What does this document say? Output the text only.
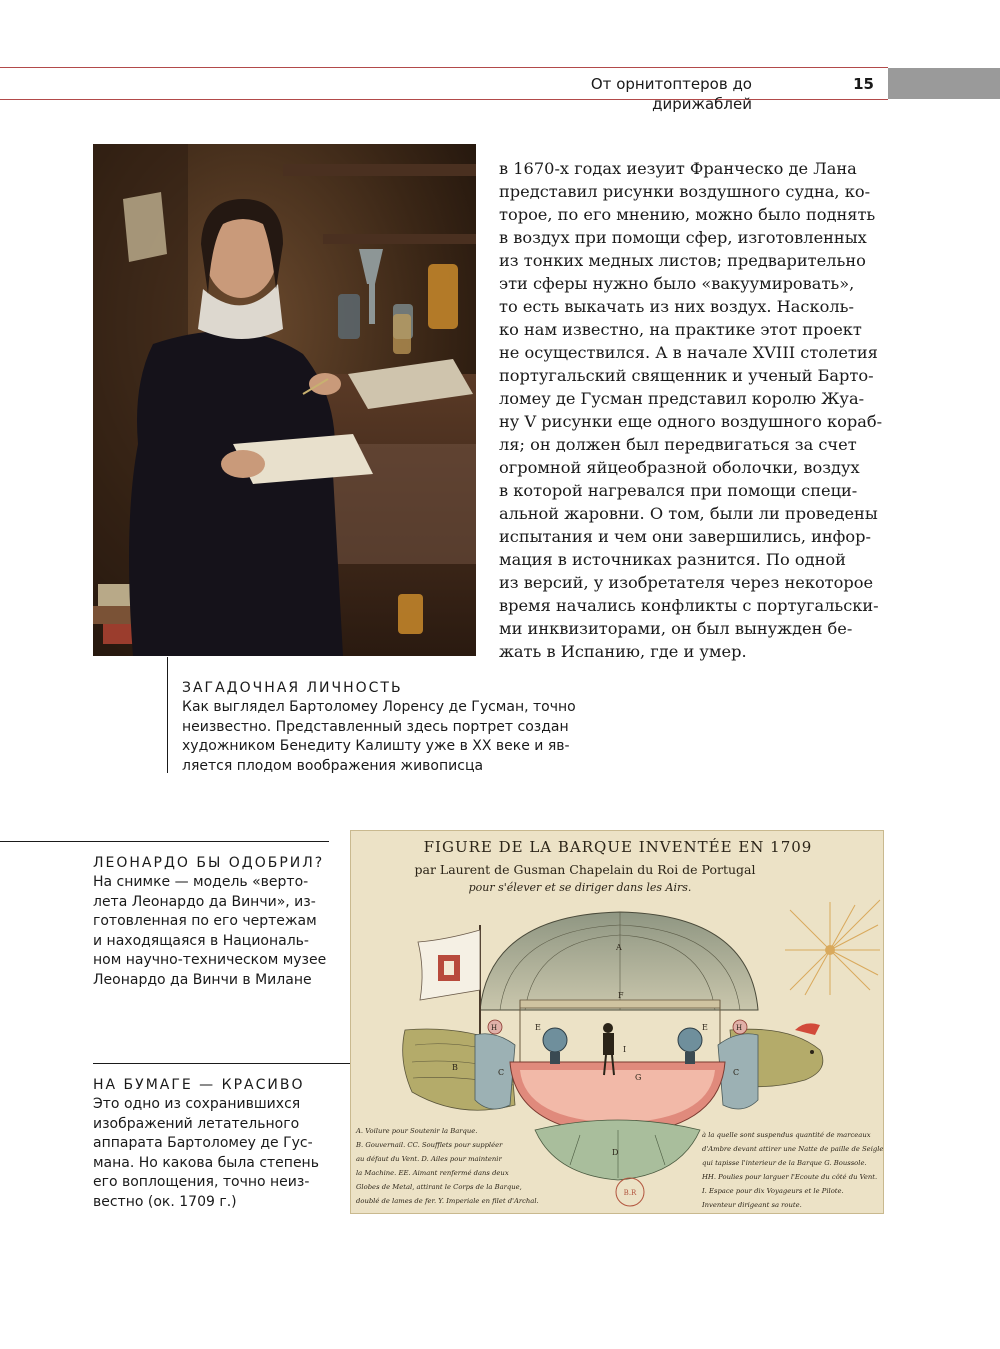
От орнитоптеров до дирижаблей
15
в 1670-х годах иезуит Франческо де Лана
представил рисунки воздушного судна, ко-
торое, по его мнению, можно было поднять
в воздух при помощи сфер, изготовленных
из тонких медных листов; предварительно
эти сферы нужно было «вакуумировать»,
то есть выкачать из них воздух. Насколь-
ко нам известно, на практике этот проект
не осуществился. А в начале XVIII столетия
португальский священник и ученый Барто-
ломеу де Гусман представил королю Жуа-
ну V рисунки еще одного воздушного кораб-
ля; он должен был передвигаться за счет
огромной яйцеобразной оболочки, воздух
в которой нагревался при помощи специ-
альной жаровни. О том, были ли проведены
испытания и чем они завершились, инфор-
мация в источниках разнится. По одной
из версий, у изобретателя через некоторое
время начались конфликты с португальски-
ми инквизиторами, он был вынужден бе-
жать в Испанию, где и умер.
ЗАГАДОЧНАЯ ЛИЧНОСТЬ
Как выглядел Бартоломеу Лоренсу де Гусман, точно
неизвестно. Представленный здесь портрет создан
художником Бенедиту Калишту уже в XX веке и яв-
ляется плодом воображения живописца
ЛЕОНАРДО БЫ ОДОБРИЛ?
На снимке — модель «верто-
лета Леонардо да Винчи», из-
готовленная по его чертежам
и находящаяся в Националь-
ном научно-техническом музее
Леонардо да Винчи в Милане
НА БУМАГЕ — КРАСИВО
Это одно из сохранившихся
изображений летательного
аппарата Бартоломеу де Гус-
мана. Но какова была степень
его воплощения, точно неиз-
вестно (ок. 1709 г.)
FIGURE DE LA BARQUE INVENTÉE EN 1709
par Laurent de Gusman Chapelain du Roi de Portugal
pour s'élever et se diriger dans les Airs.
A
F
E	E
I
H	H
C	C
G
D
B
B.R
A. Voilure pour Soutenir la Barque.
B. Gouvernail. CC. Soufflets pour suppléer
au défaut du Vent. D. Ailes pour maintenir
la Machine. EE. Aimant renfermé dans deux
Globes de Metal, attirant le Corps de la Barque,
doublé de lames de fer. Y. Imperiale en filet d'Archal.
à la quelle sont suspendus quantité de marceaux
d'Ambre devant attirer une Natte de paille de Seigle
qui tapisse l'interieur de la Barque G. Boussole.
HH. Poulies pour larguer l'Ecoute du côté du Vent.
I. Espace pour dix Voyageurs et le Pilote.
Inventeur dirigeant sa route.
